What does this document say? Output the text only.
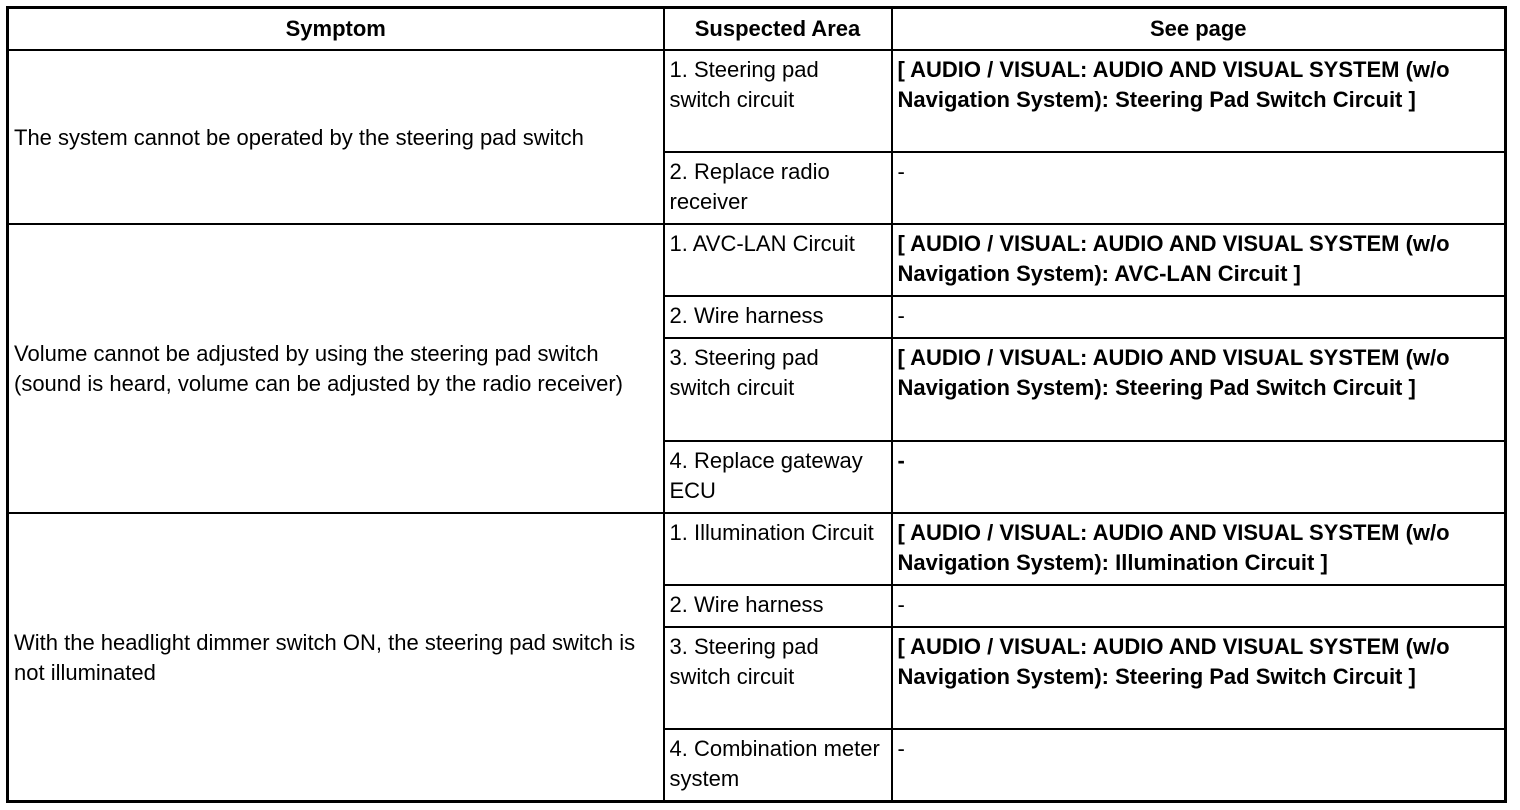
Symptom	Suspected Area	See page
The system cannot be operated by the steering pad switch	1. Steering pad switch circuit	[ AUDIO / VISUAL: AUDIO AND VISUAL SYSTEM (w/o Navigation System): Steering Pad Switch Circuit ]
	2. Replace radio receiver	-
Volume cannot be adjusted by using the steering pad switch (sound is heard, volume can be adjusted by the radio receiver)	1. AVC-LAN Circuit	[ AUDIO / VISUAL: AUDIO AND VISUAL SYSTEM (w/o Navigation System): AVC-LAN Circuit ]
	2. Wire harness	-
	3. Steering pad switch circuit	[ AUDIO / VISUAL: AUDIO AND VISUAL SYSTEM (w/o Navigation System): Steering Pad Switch Circuit ]
	4. Replace gateway ECU	-
With the headlight dimmer switch ON, the steering pad switch is not illuminated	1. Illumination Circuit	[ AUDIO / VISUAL: AUDIO AND VISUAL SYSTEM (w/o Navigation System): Illumination Circuit ]
	2. Wire harness	-
	3. Steering pad switch circuit	[ AUDIO / VISUAL: AUDIO AND VISUAL SYSTEM (w/o Navigation System): Steering Pad Switch Circuit ]
	4. Combination meter system	-
